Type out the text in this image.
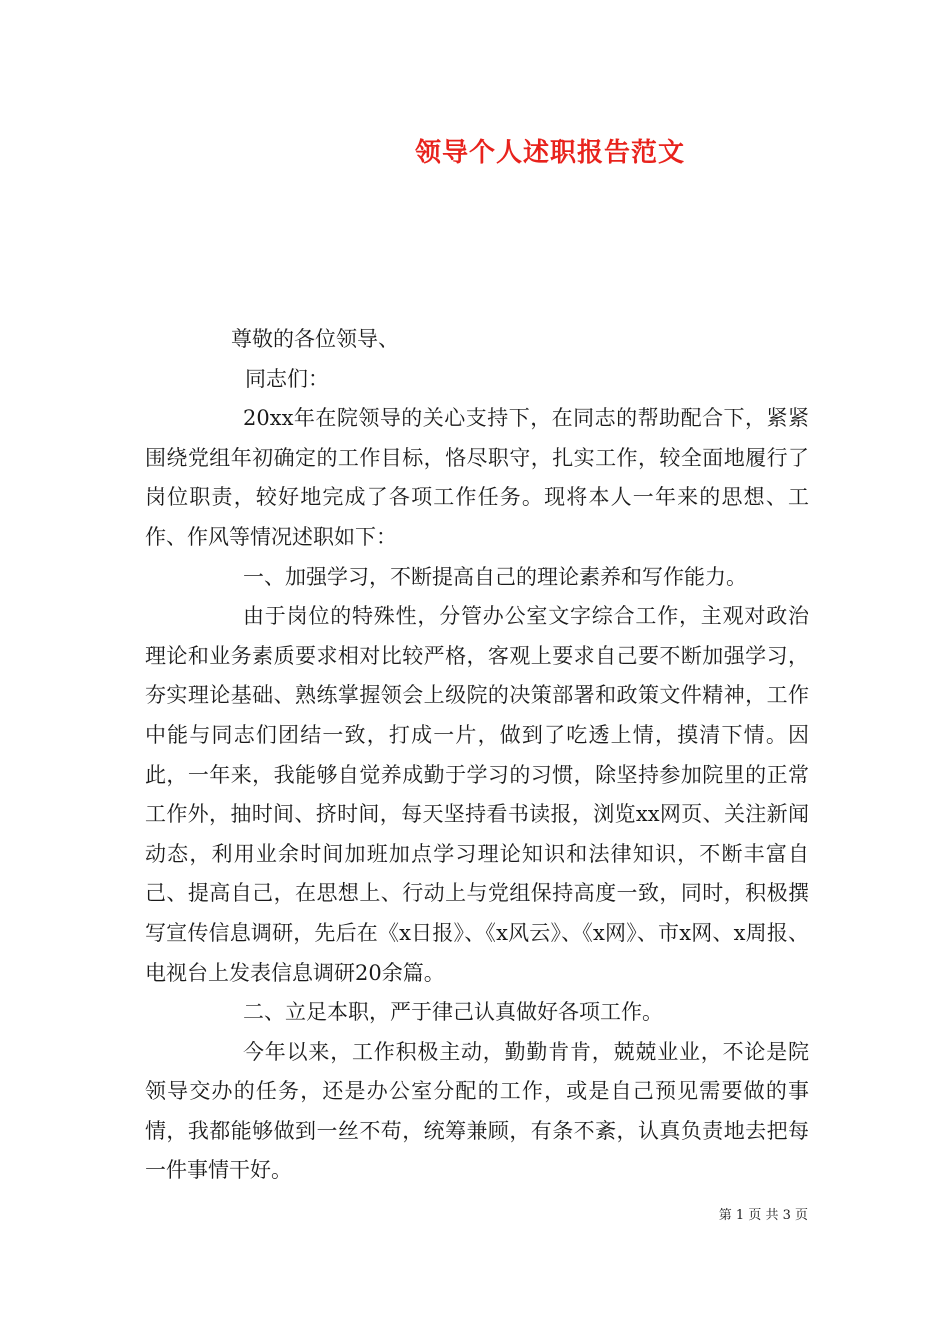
领导个人述职报告范文

尊敬的各位领导、

同志们：

20xx年在院领导的关心支持下，在同志的帮助配合下，紧紧围绕党组年初确定的工作目标，恪尽职守，扎实工作，较全面地履行了岗位职责，较好地完成了各项工作任务。现将本人一年来的思想、工作、作风等情况述职如下：

一、加强学习，不断提高自己的理论素养和写作能力。

由于岗位的特殊性，分管办公室文字综合工作，主观对政治理论和业务素质要求相对比较严格，客观上要求自己要不断加强学习，夯实理论基础、熟练掌握领会上级院的决策部署和政策文件精神，工作中能与同志们团结一致，打成一片，做到了吃透上情，摸清下情。因此，一年来，我能够自觉养成勤于学习的习惯，除坚持参加院里的正常工作外，抽时间、挤时间，每天坚持看书读报，浏览xx网页、关注新闻动态，利用业余时间加班加点学习理论知识和法律知识，不断丰富自己、提高自己，在思想上、行动上与党组保持高度一致，同时，积极撰写宣传信息调研，先后在《x日报》、《x风云》、《x网》、市x网、x周报、电视台上发表信息调研20余篇。

二、立足本职，严于律己认真做好各项工作。

今年以来，工作积极主动，勤勤肯肯，兢兢业业，不论是院领导交办的任务，还是办公室分配的工作，或是自己预见需要做的事情，我都能够做到一丝不苟，统筹兼顾，有条不紊，认真负责地去把每一件事情干好。

第 1 页 共 3 页
